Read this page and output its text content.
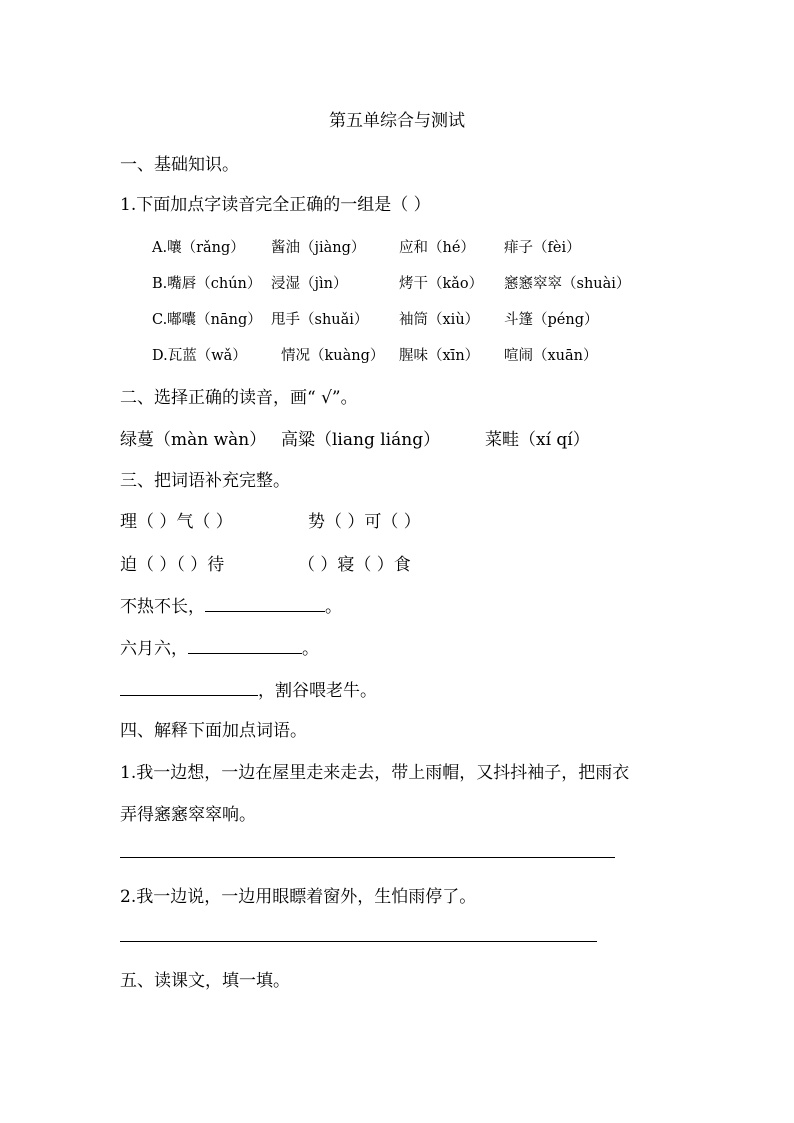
第五单综合与测试
一、基础知识。
1.下面加点字读音完全正确的一组是（ ）
A.嚷（rǎng） 酱油（jiàng） 应和（hé） 痱子（fèi）
B.嘴唇（chún） 浸湿（jìn）	烤干（kǎo） 窸窸窣窣（shuài）
C.嘟囔（nāng） 甩手（shuǎi） 袖筒（xiù） 斗篷（péng）
D.瓦蓝（wǎ） 情况（kuàng） 腥味（xīn） 喧闹（xuān）
二、选择正确的读音，画“ √”。
绿蔓（màn wàn） 高粱（liang liáng）	菜畦（xí qí）
三、把词语补充完整。
理（ ）气（ ）	势（ ）可（ ）
迫（ ）（ ）待	（ ）寝（ ）食
不热不长，	。
六月六，	。
，割谷喂老牛。
四、解释下面加点词语。
1.我一边想，一边在屋里走来走去，带上雨帽，又抖抖袖子，把雨衣
弄得窸窸窣窣响。
2.我一边说，一边用眼瞟着窗外，生怕雨停了。
五、读课文，填一填。
